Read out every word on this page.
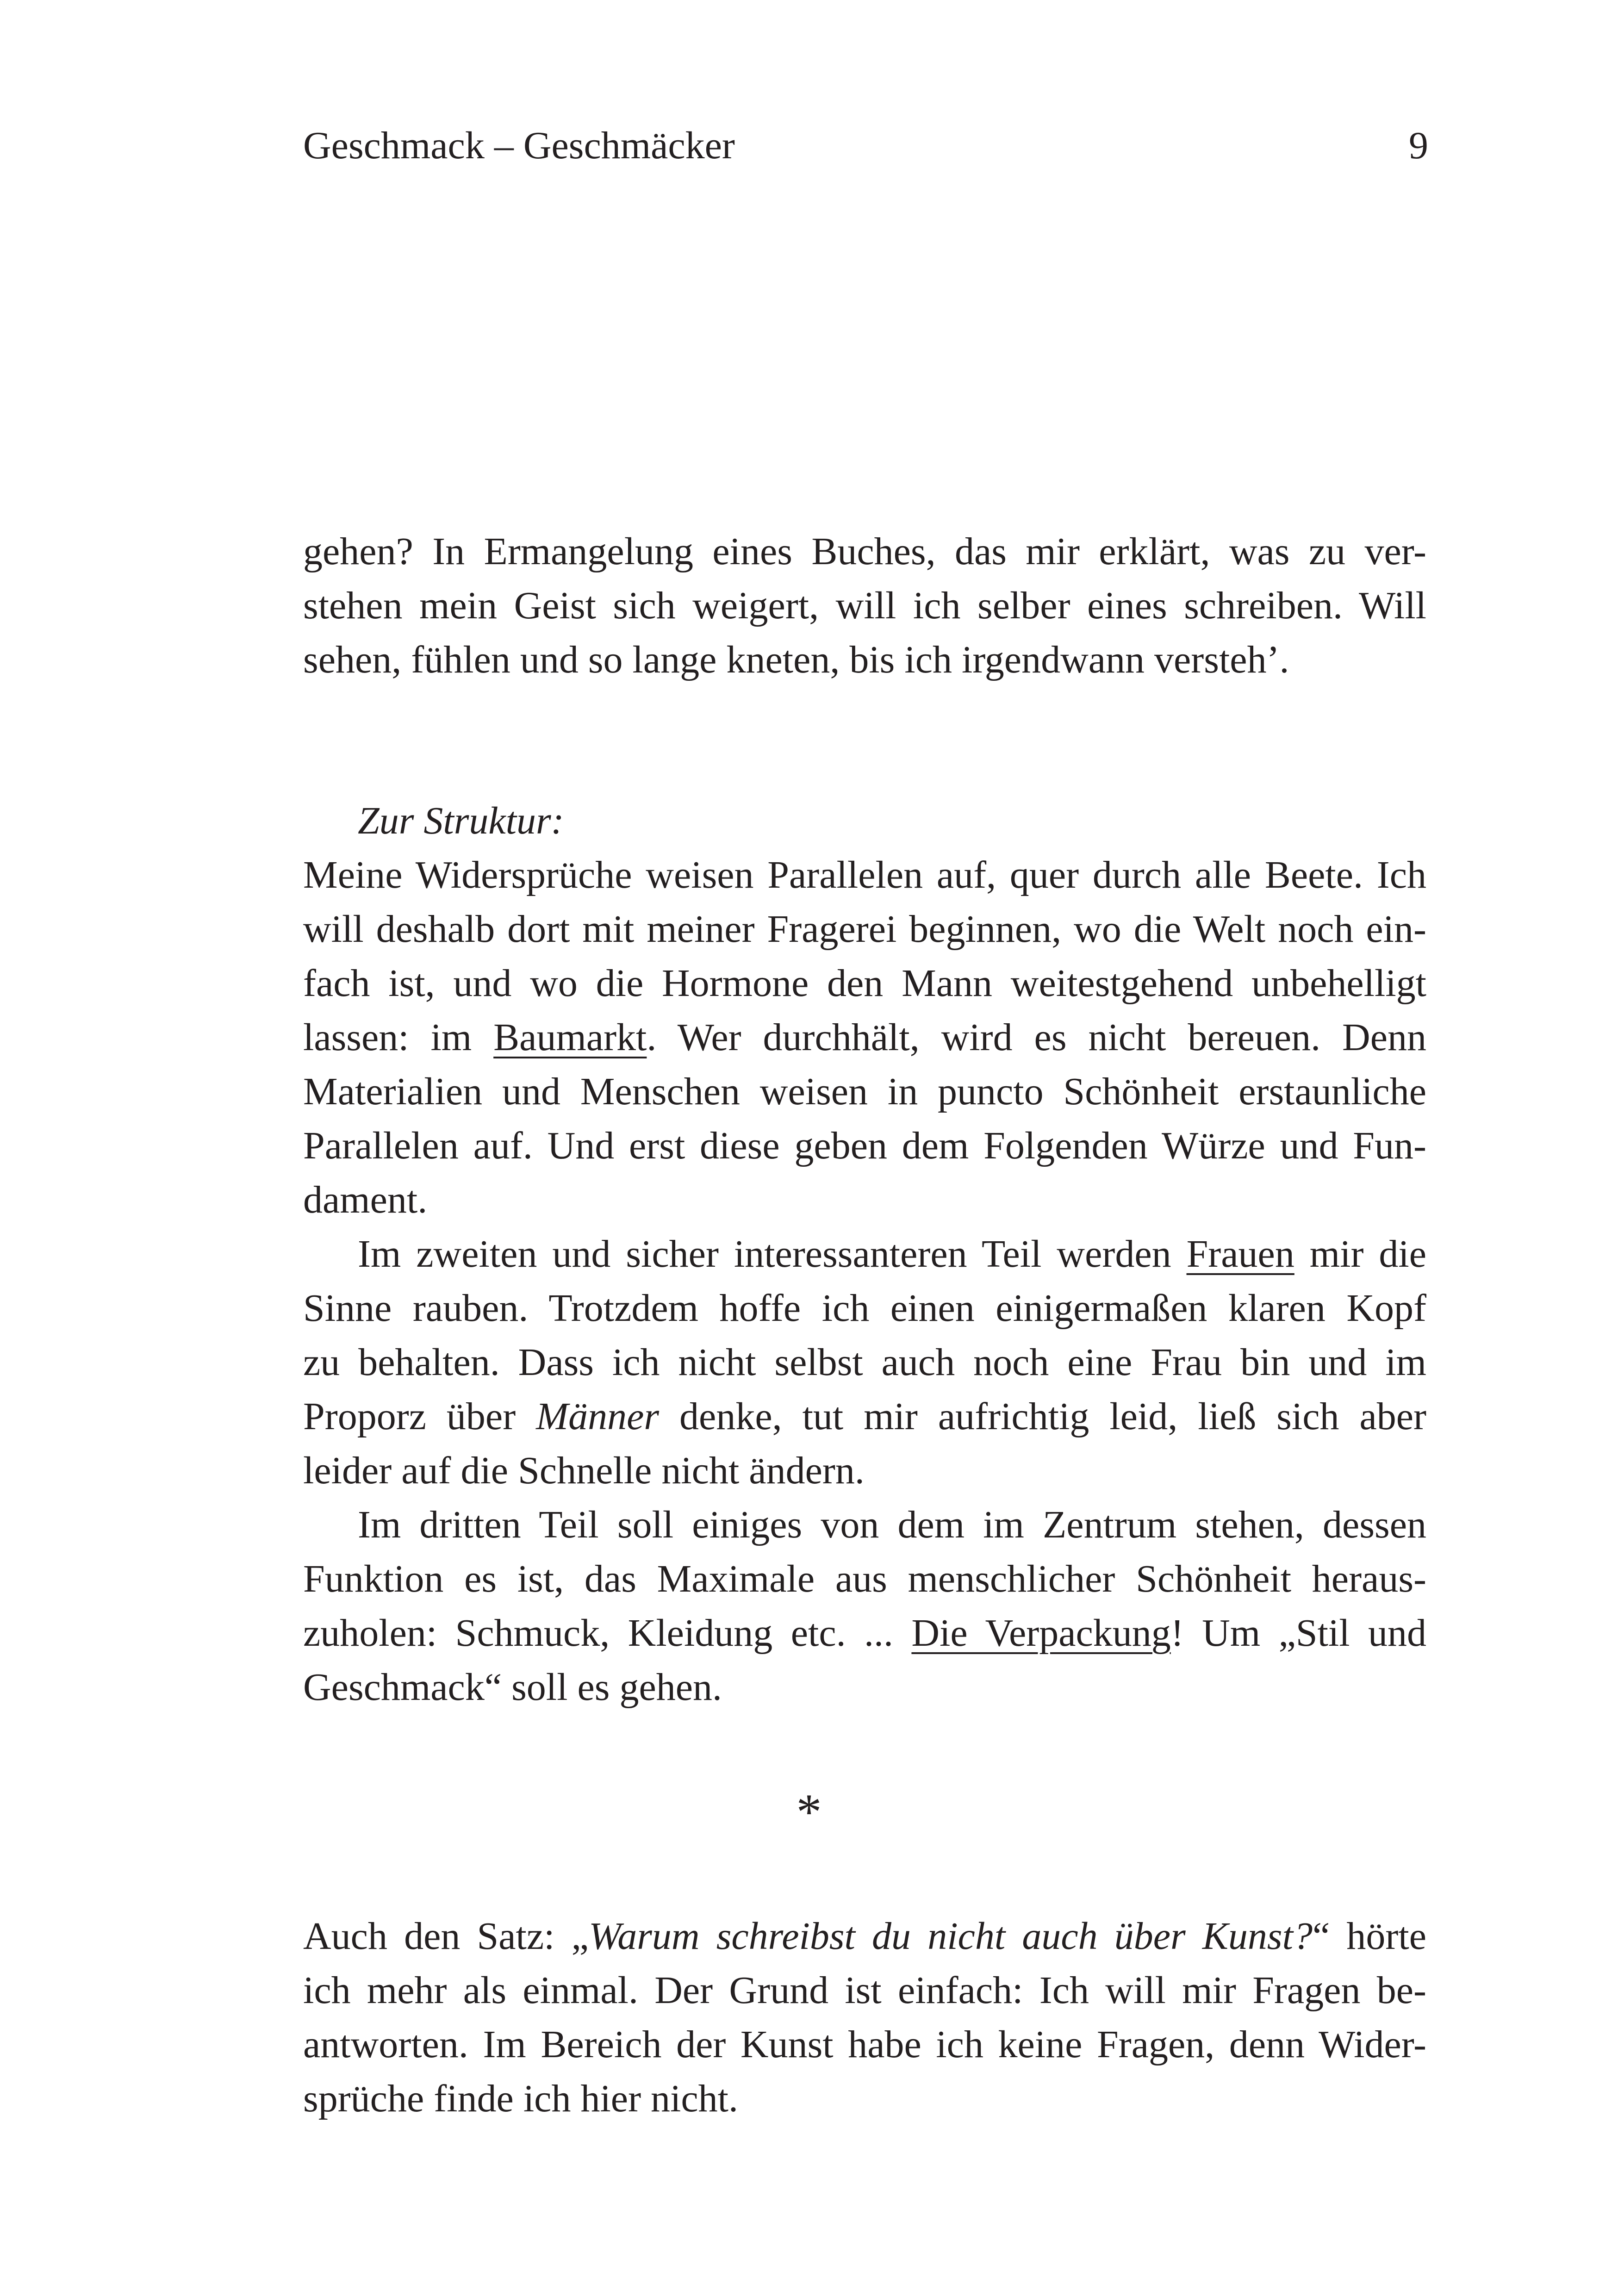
Geschmack – Geschmäcker	9
gehen? In Ermangelung eines Buches, das mir erklärt, was zu ver-
stehen mein Geist sich weigert, will ich selber eines schreiben. Will
sehen, fühlen und so lange kneten, bis ich irgendwann versteh’.
Zur Struktur:
Meine Widersprüche weisen Parallelen auf, quer durch alle Beete. Ich
will deshalb dort mit meiner Fragerei beginnen, wo die Welt noch ein-
fach ist, und wo die Hormone den Mann weitestgehend unbehelligt
lassen: im Baumarkt. Wer durchhält, wird es nicht bereuen. Denn
Materialien und Menschen weisen in puncto Schönheit erstaunliche
Parallelen auf. Und erst diese geben dem Folgenden Würze und Fun-
dament.
Im zweiten und sicher interessanteren Teil werden Frauen mir die
Sinne rauben. Trotzdem hoffe ich einen einigermaßen klaren Kopf
zu behalten. Dass ich nicht selbst auch noch eine Frau bin und im
Proporz über Männer denke, tut mir aufrichtig leid, ließ sich aber
leider auf die Schnelle nicht ändern.
Im dritten Teil soll einiges von dem im Zentrum stehen, dessen
Funktion es ist, das Maximale aus menschlicher Schönheit heraus-
zuholen: Schmuck, Kleidung etc. ... Die Verpackung! Um „Stil und
Geschmack“ soll es gehen.
*
Auch den Satz: „Warum schreibst du nicht auch über Kunst?“ hörte
ich mehr als einmal. Der Grund ist einfach: Ich will mir Fragen be-
antworten. Im Bereich der Kunst habe ich keine Fragen, denn Wider-
sprüche finde ich hier nicht.
